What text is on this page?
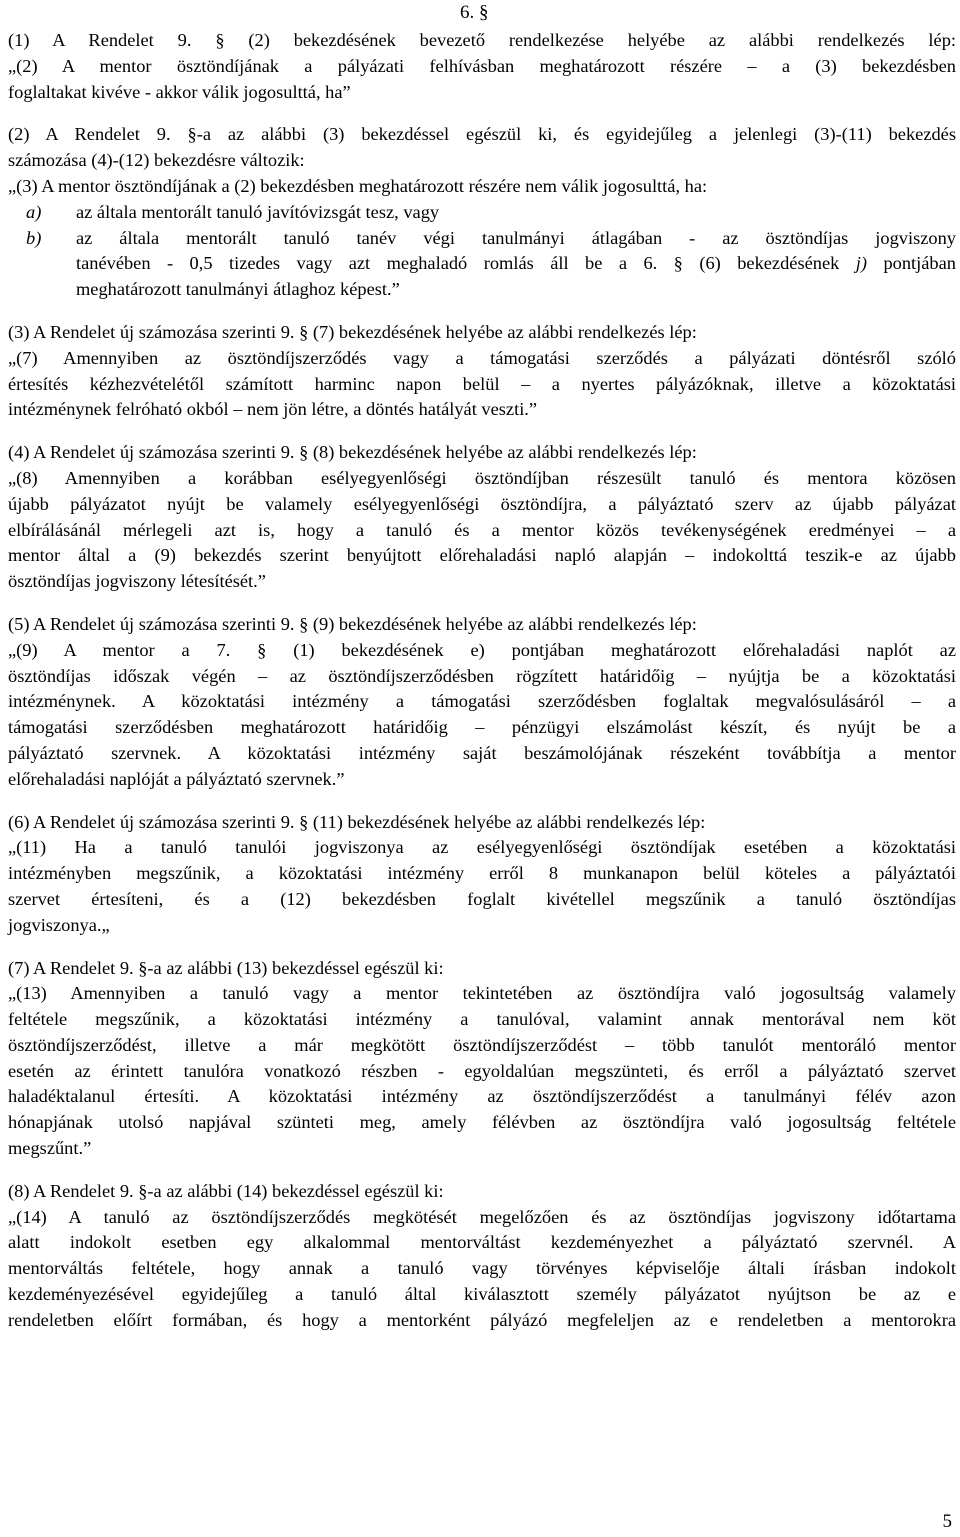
6. §
(1) A Rendelet 9. § (2) bekezdésének bevezető rendelkezése helyébe az alábbi rendelkezés lép:
„(2) A mentor ösztöndíjának a pályázati felhívásban meghatározott részére – a (3) bekezdésben
foglaltakat kivéve - akkor válik jogosulttá, ha”
(2) A Rendelet 9. §-a az alábbi (3) bekezdéssel egészül ki, és egyidejűleg a jelenlegi (3)-(11) bekezdés
számozása (4)-(12) bekezdésre változik:
„(3) A mentor ösztöndíjának a (2) bekezdésben meghatározott részére nem válik jogosulttá, ha:
a) az általa mentorált tanuló javítóvizsgát tesz, vagy
b) az általa mentorált tanuló tanév végi tanulmányi átlagában - az ösztöndíjas jogviszony
tanévében - 0,5 tizedes vagy azt meghaladó romlás áll be a 6. § (6) bekezdésének j) pontjában
meghatározott tanulmányi átlaghoz képest.”
(3) A Rendelet új számozása szerinti 9. § (7) bekezdésének helyébe az alábbi rendelkezés lép:
„(7) Amennyiben az ösztöndíjszerződés vagy a támogatási szerződés a pályázati döntésről szóló
értesítés kézhezvételétől számított harminc napon belül – a nyertes pályázóknak, illetve a közoktatási
intézménynek felróható okból – nem jön létre, a döntés hatályát veszti.”
(4) A Rendelet új számozása szerinti 9. § (8) bekezdésének helyébe az alábbi rendelkezés lép:
„(8) Amennyiben a korábban esélyegyenlőségi ösztöndíjban részesült tanuló és mentora közösen
újabb pályázatot nyújt be valamely esélyegyenlőségi ösztöndíjra, a pályáztató szerv az újabb pályázat
elbírálásánál mérlegeli azt is, hogy a tanuló és a mentor közös tevékenységének eredményei – a
mentor által a (9) bekezdés szerint benyújtott előrehaladási napló alapján – indokolttá teszik-e az újabb
ösztöndíjas jogviszony létesítését.”
(5) A Rendelet új számozása szerinti 9. § (9) bekezdésének helyébe az alábbi rendelkezés lép:
„(9) A mentor a 7. § (1) bekezdésének e) pontjában meghatározott előrehaladási naplót az
ösztöndíjas időszak végén – az ösztöndíjszerződésben rögzített határidőig – nyújtja be a közoktatási
intézménynek. A közoktatási intézmény a támogatási szerződésben foglaltak megvalósulásáról – a
támogatási szerződésben meghatározott határidőig – pénzügyi elszámolást készít, és nyújt be a
pályáztató szervnek. A közoktatási intézmény saját beszámolójának részeként továbbítja a mentor
előrehaladási naplóját a pályáztató szervnek.”
(6) A Rendelet új számozása szerinti 9. § (11) bekezdésének helyébe az alábbi rendelkezés lép:
„(11) Ha a tanuló tanulói jogviszonya az esélyegyenlőségi ösztöndíjak esetében a közoktatási
intézményben megszűnik, a közoktatási intézmény erről 8 munkanapon belül köteles a pályáztatói
szervet értesíteni, és a (12) bekezdésben foglalt kivétellel megszűnik a tanuló ösztöndíjas
jogviszonya.„
(7) A Rendelet 9. §-a az alábbi (13) bekezdéssel egészül ki:
„(13) Amennyiben a tanuló vagy a mentor tekintetében az ösztöndíjra való jogosultság valamely
feltétele megszűnik, a közoktatási intézmény a tanulóval, valamint annak mentorával nem köt
ösztöndíjszerződést, illetve a már megkötött ösztöndíjszerződést – több tanulót mentoráló mentor
esetén az érintett tanulóra vonatkozó részben - egyoldalúan megszünteti, és erről a pályáztató szervet
haladéktalanul értesíti. A közoktatási intézmény az ösztöndíjszerződést a tanulmányi félév azon
hónapjának utolsó napjával szünteti meg, amely félévben az ösztöndíjra való jogosultság feltétele
megszűnt.”
(8) A Rendelet 9. §-a az alábbi (14) bekezdéssel egészül ki:
„(14) A tanuló az ösztöndíjszerződés megkötését megelőzően és az ösztöndíjas jogviszony időtartama
alatt indokolt esetben egy alkalommal mentorváltást kezdeményezhet a pályáztató szervnél. A
mentorváltás feltétele, hogy annak a tanuló vagy törvényes képviselője általi írásban indokolt
kezdeményezésével egyidejűleg a tanuló által kiválasztott személy pályázatot nyújtson be az e
rendeletben előírt formában, és hogy a mentorként pályázó megfeleljen az e rendeletben a mentorokra
5
